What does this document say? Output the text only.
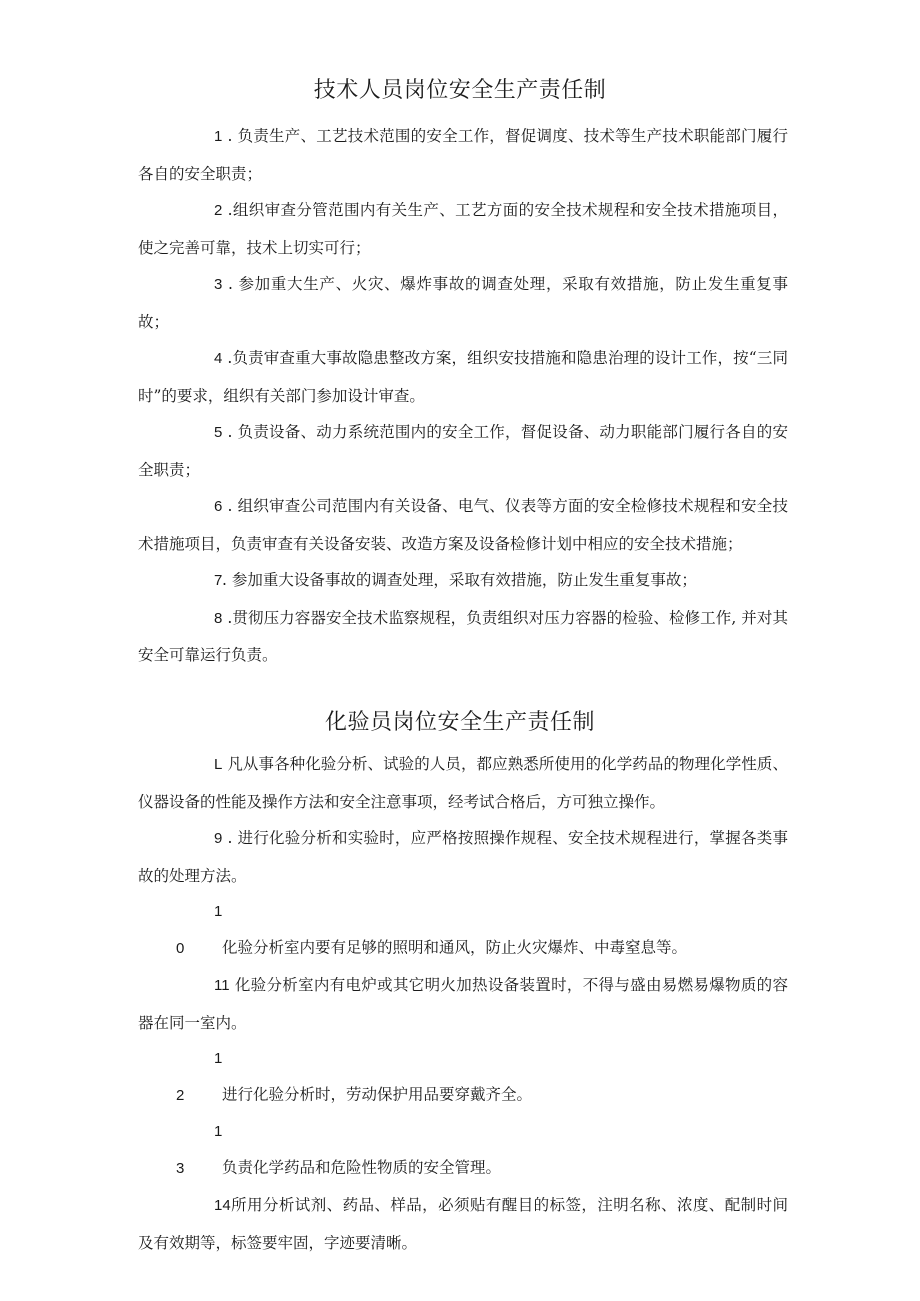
技术人员岗位安全生产责任制

1 . 负责生产、工艺技术范围的安全工作，督促调度、技术等生产技术职能部门履行各自的安全职责；

2 .组织审查分管范围内有关生产、工艺方面的安全技术规程和安全技术措施项目，使之完善可靠，技术上切实可行；

3 . 参加重大生产、火灾、爆炸事故的调查处理，采取有效措施，防止发生重复事故；

4 .负责审查重大事故隐患整改方案，组织安技措施和隐患治理的设计工作，按“三同时”的要求，组织有关部门参加设计审查。

5 . 负责设备、动力系统范围内的安全工作，督促设备、动力职能部门履行各自的安全职责；

6 . 组织审查公司范围内有关设备、电气、仪表等方面的安全检修技术规程和安全技术措施项目，负责审查有关设备安装、改造方案及设备检修计划中相应的安全技术措施；

7. 参加重大设备事故的调查处理，采取有效措施，防止发生重复事故；

8 .贯彻压力容器安全技术监察规程，负责组织对压力容器的检验、检修工作, 并对其安全可靠运行负责。

化验员岗位安全生产责任制

L 凡从事各种化验分析、试验的人员，都应熟悉所使用的化学药品的物理化学性质、仪器设备的性能及操作方法和安全注意事项，经考试合格后，方可独立操作。

9 . 进行化验分析和实验时，应严格按照操作规程、安全技术规程进行，掌握各类事故的处理方法。

10 化验分析室内要有足够的照明和通风，防止火灾爆炸、中毒窒息等。

11 化验分析室内有电炉或其它明火加热设备装置时，不得与盛由易燃易爆物质的容器在同一室内。

12 进行化验分析时，劳动保护用品要穿戴齐全。

13 负责化学药品和危险性物质的安全管理。

14所用分析试剂、药品、样品，必须贴有醒目的标签，注明名称、浓度、配制时间及有效期等，标签要牢固，字迹要清晰。
